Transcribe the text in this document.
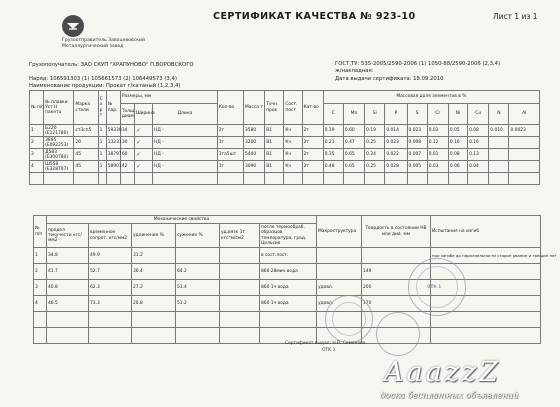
Грузоотправитель Завоцевовский
Металлургический завод
СЕРТИФИКАТ КАЧЕСТВА № 923-10	Лист 1 из 1
Грузополучатель: ЗАО СКУП "ХРАПУНОВО" П.ВОРОВСКОГО	ГОСТ,ТУ: 535-2005/2590-2006 (1) 1050-88/2590-2006 (2,3,4)
ж/накладная:
Наряд: 106591303 (1) 105661573 (2) 106449573 (3,4)	Дата выдачи сертификата: 18.09.2010
Наименование продукции: Прокат г/катаный (1,2,3,4)
№ п/п	№ плавки Уст.Н пакета	Марка стали	С о р т	№ пар.	Размеры, мм			Кол-во	Масса т	Точн. прок	Сост. пост	Кат-во	Массовая доля элементов в %									
					Толщ. диам	Ширина	Длина						C	Mn	Si	P	S	Cr	Ni	Cu	N	Al

1	Б220 (Е121780)	ст3сп5	1	59339	34	✓	НД -	2т	3580	В1	Кч	2т	0.19	0.60	0.19	0.014	0.023	0.03	0.05	0.08	0.010	0.0023
2	3895 (Е092253)	20	1	13231	30	✓	НД -	1т	3200	В1	Кч	2т	0.21	0.47	0.25	0.023	0.008	0.12	0.16	0.16		
3	Д583 (Е300784)	45	1	38797	60	✓	НД -	1та5шт	5440	В1	Кч	2т	0.35	0.65	0.24	0.022	0.007	0.01	0.08	0.13		
4	Ш558 (Е328707)	45	1	58901	42	✓	НД -	1т	3090	В1	Кч	2т	0.48	0.65	0.25	0.028	0.005	0.03	0.06	0.04		

№ п/п	Механические свойства						Макроструктура	Твердость в состоянии НВ или диа. мм	Испытания на изгиб
	предел текучести кгс/мм2	временное сопрот. кгс/мм2	удлинение %	сужение %	уд.вязк 1т кгс*м/см2	после термообраб. образцов температура, град. Цельсия			
1	34.8	49.9	31.2			в сост.пост.			при загибе до параллельности сторон рванин и трещин нет
2	41.7	52.7	36.4	64.2		860 28мин вода		149	
3	40.8	62.3	27.2	53.4		860 1ч вода	удовл.	200	
4	46.5	73.3	20.8	51.2		860 1ч вода	удовл.	170	

ОТК 1
Сертификат выдал: Н.В. Семенова
ОТК 1
AaazzZ
доска бесплатных объявлений
